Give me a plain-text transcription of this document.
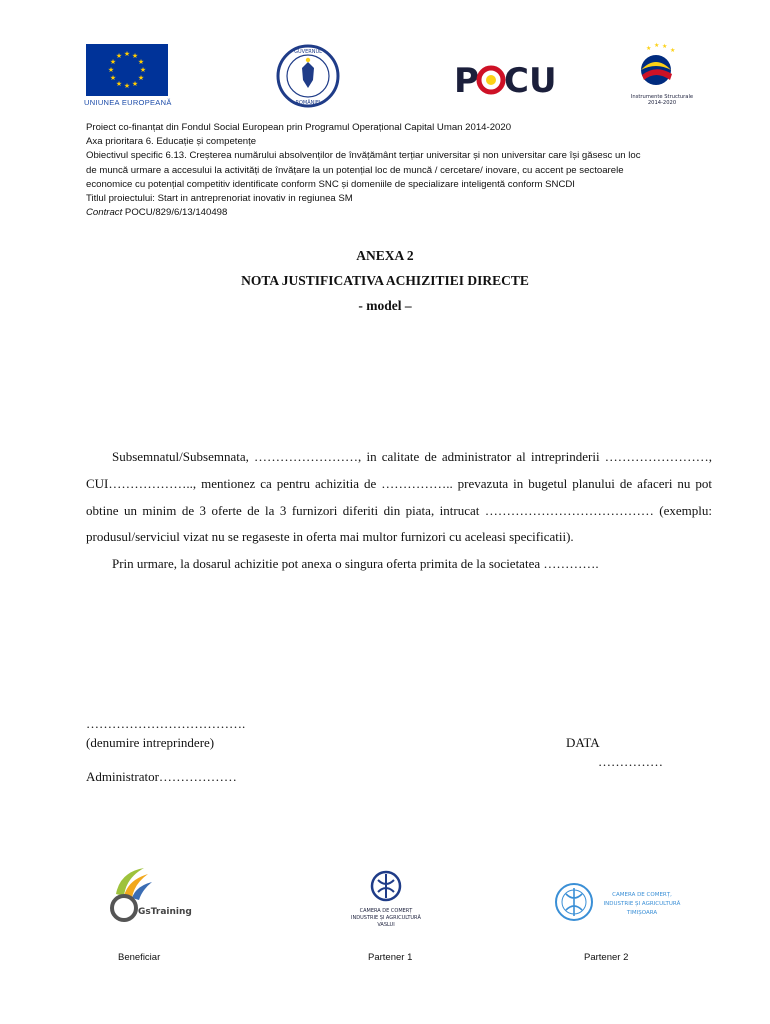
★ ★
★
★
★
★
★
★
★
★
★
★
UNIUNEA EUROPEANĂ
GUVERNUL
ROMÂNIEI
P CU
★ ★ ★
★
Instrumente Structurale
2014-2020
Proiect co-finanțat din Fondul Social European prin Programul Operațional Capital Uman 2014-2020
Axa prioritara 6. Educație și competențe
Obiectivul specific 6.13. Creșterea numărului absolvenților de învățământ terțiar universitar și non universitar care își găsesc un loc
de muncă urmare a accesului la activități de învățare la un potențial loc de muncă / cercetare/ inovare, cu accent pe sectoarele
economice cu potențial competitiv identificate conform SNC și domeniile de specializare inteligentă conform SNCDI
Titlul proiectului: Start in antreprenoriat inovativ in regiunea SM
Contract POCU/829/6/13/140498
ANEXA 2
NOTA JUSTIFICATIVA ACHIZITIEI DIRECTE
- model –

Subsemnatul/Subsemnata, ……………………, in calitate de administrator al intreprinderii ……………………, CUI……………….., mentionez ca pentru achizitia de …………….. prevazuta in bugetul planului de afaceri nu pot obtine un minim de 3 oferte de la 3 furnizori diferiti din piata, intrucat ………………………………… (exemplu: produsul/serviciul vizat nu se regaseste in oferta mai multor furnizori cu aceleasi specificatii).

Prin urmare, la dosarul achizitie pot anexa o singura oferta primita de la societatea ………….

……………………………….
(denumire intreprindere)	DATA
……………
Administrator………………
GsTraining	CAMERA DE COMERȚ
INDUSTRIE ȘI AGRICULTURĂ
VASLUI
CAMERA DE COMERȚ,
INDUSTRIE ȘI AGRICULTURĂ
TIMIȘOARA
Beneficiar	Partener 1	Partener 2
